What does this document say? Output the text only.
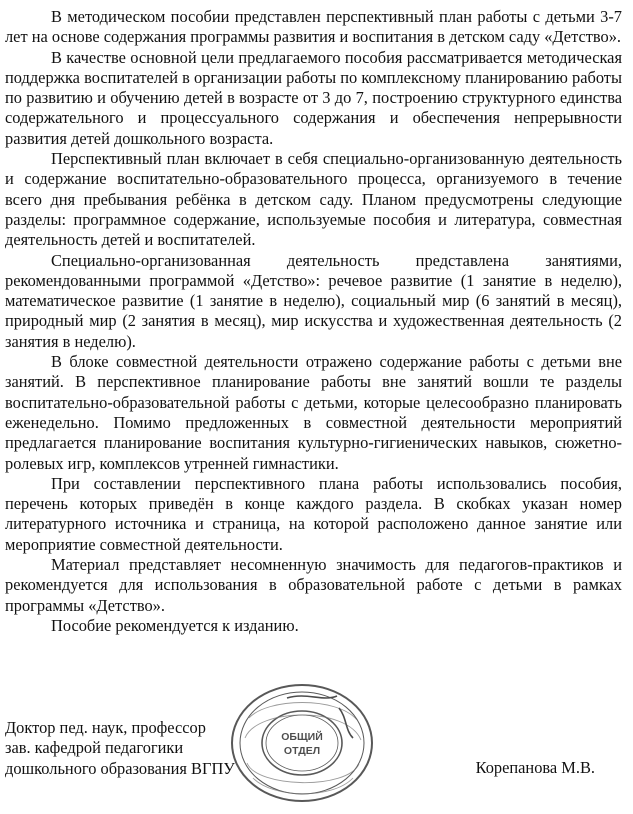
В методическом пособии представлен перспективный план работы с детьми 3-7 лет на основе содержания программы развития и воспитания в детском саду «Детство».

В качестве основной цели предлагаемого пособия рассматривается методическая поддержка воспитателей в организации работы по комплексному планированию работы по развитию и обучению детей в возрасте от 3 до 7, построению структурного единства содержательного и процессуального содержания и обеспечения непрерывности развития детей дошкольного возраста.

Перспективный план включает в себя специально-организованную деятельность и содержание воспитательно-образовательного процесса, организуемого в течение всего дня пребывания ребёнка в детском саду. Планом предусмотрены следующие разделы: программное содержание, используемые пособия и литература, совместная деятельность детей и воспитателей.

Специально-организованная деятельность представлена занятиями, рекомендованными программой «Детство»: речевое развитие (1 занятие в неделю), математическое развитие (1 занятие в неделю), социальный мир (6 занятий в месяц), природный мир (2 занятия в месяц), мир искусства и художественная деятельность (2 занятия в неделю).

В блоке совместной деятельности отражено содержание работы с детьми вне занятий. В перспективное планирование работы вне занятий вошли те разделы воспитательно-образовательной работы с детьми, которые целесообразно планировать еженедельно. Помимо предложенных в совместной деятельности мероприятий предлагается планирование воспитания культурно-гигиенических навыков, сюжетно-ролевых игр, комплексов утренней гимнастики.

При составлении перспективного плана работы использовались пособия, перечень которых приведён в конце каждого раздела. В скобках указан номер литературного источника и страница, на которой расположено данное занятие или мероприятие совместной деятельности.

Материал представляет несомненную значимость для педагогов-практиков и рекомендуется для использования в образовательной работе с детьми в рамках программы «Детство».

Пособие рекомендуется к изданию.

Доктор пед. наук, профессор
зав. кафедрой педагогики
дошкольного образования ВГПУ	Корепанова М.В.
ОБЩИЙ
ОТДЕЛ
